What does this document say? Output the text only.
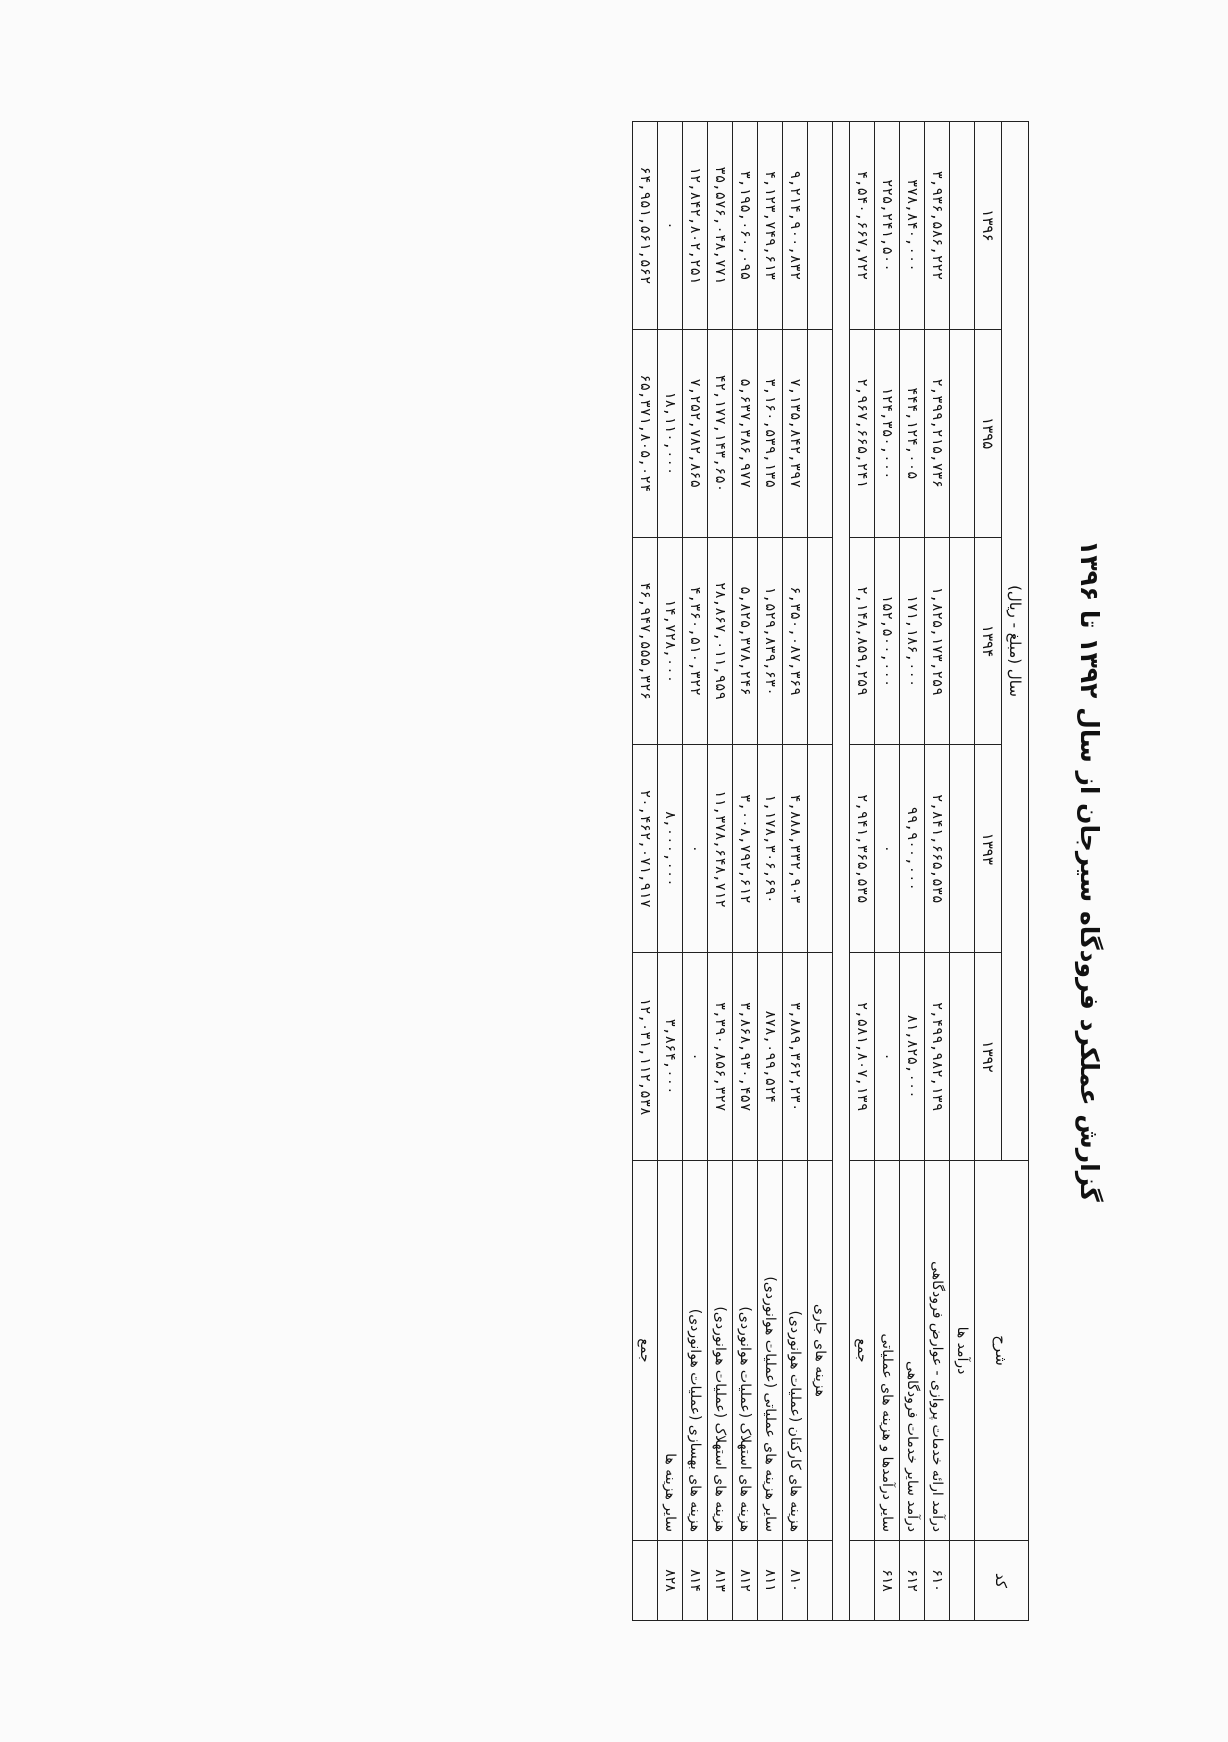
گزارش عملکرد فرودگاه سیرجان از سال ۱۳۹۲ تا ۱۳۹۶
کد	شرح	سال (مبلغ - ریال)				
		۱۳۹۲	۱۳۹۳	۱۳۹۴	۱۳۹۵	۱۳۹۶
	درآمد ها					
۶۱۰	درآمد ارائه خدمات پروازی - عوارض فرودگاهی	۲,۴۹۹,۹۸۲,۱۳۹	۲,۸۴۱,۶۶۵,۵۳۵	۱,۸۲۵,۱۷۳,۲۵۹	۲,۳۹۹,۲۱۵,۷۳۶	۳,۹۳۶,۵۸۶,۲۲۲
۶۱۲	درآمد سایر خدمات فرودگاهی	۸۱,۸۲۵,۰۰۰	۹۹,۹۰۰,۰۰۰	۱۷۱,۱۸۶,۰۰۰	۴۴۴,۱۲۴,۰۰۵	۳۷۸,۸۴۰,۰۰۰
۶۱۸	سایر درآمدها و هزینه های عملیاتی	۰	۰	۱۵۲,۵۰۰,۰۰۰	۱۲۴,۳۵۰,۰۰۰	۲۲۵,۲۴۱,۵۰۰
	جمع	۲,۵۸۱,۸۰۷,۱۳۹	۲,۹۴۱,۳۶۵,۵۳۵	۲,۱۴۸,۸۵۹,۲۵۹	۲,۹۶۷,۶۶۵,۲۴۱	۴,۵۴۰,۶۶۷,۷۲۲

	هزینه های جاری					
۸۱۰	هزینه های کارکنان (عملیات هوانوردی)	۳,۸۸۹,۳۶۲,۲۳۰	۴,۸۸۸,۳۳۲,۹۰۳	۶,۳۵۰,۰۸۷,۳۶۹	۷,۱۳۵,۸۴۲,۳۹۷	۹,۲۱۴,۹۰۰,۸۳۲
۸۱۱	سایر هزینه های عملیاتی (عملیات هوانوردی)	۸۷۸,۰۹۹,۵۲۴	۱,۱۷۸,۳۰۶,۶۹۰	۱,۵۲۹,۸۳۹,۶۳۰	۳,۱۶۰,۵۳۹,۱۳۵	۴,۱۲۳,۷۴۹,۶۱۳
۸۱۲	هزینه های استهلاک (عملیات هوانوردی)	۳,۸۶۸,۹۳۰,۴۵۷	۳,۰۰۸,۷۹۲,۶۱۲	۵,۸۲۵,۳۷۸,۲۴۶	۵,۶۳۷,۳۸۶,۹۷۷	۳,۱۹۵,۰۶۰,۰۹۵
۸۱۳	هزینه های استهلاک (عملیات هوانوردی)	۳,۳۹۰,۸۵۶,۳۲۷	۱۱,۳۷۸,۶۴۸,۷۱۲	۲۸,۸۶۷,۰۱۱,۹۵۹	۴۲,۱۷۷,۱۴۳,۶۵۰	۳۵,۵۷۶,۰۴۸,۷۷۱
۸۱۴	هزینه های بهسازی (عملیات هوانوردی)	۰	۰	۴,۳۶۰,۵۱۰,۳۲۲	۷,۲۵۲,۷۸۲,۸۶۵	۱۲,۸۴۲,۸۰۲,۲۵۱
۸۲۸	سایر هزینه ها	۳,۸۶۴,۰۰۰	۸,۰۰۰,۰۰۰	۱۴,۷۲۸,۰۰۰	۱۸,۱۱۰,۰۰۰	۰
	جمع	۱۲,۰۳۱,۱۱۲,۵۳۸	۲۰,۴۶۲,۰۷۱,۹۱۷	۴۶,۹۴۷,۵۵۵,۳۲۶	۶۵,۳۷۱,۸۰۵,۰۲۴	۶۴,۹۵۱,۵۶۱,۵۶۲
